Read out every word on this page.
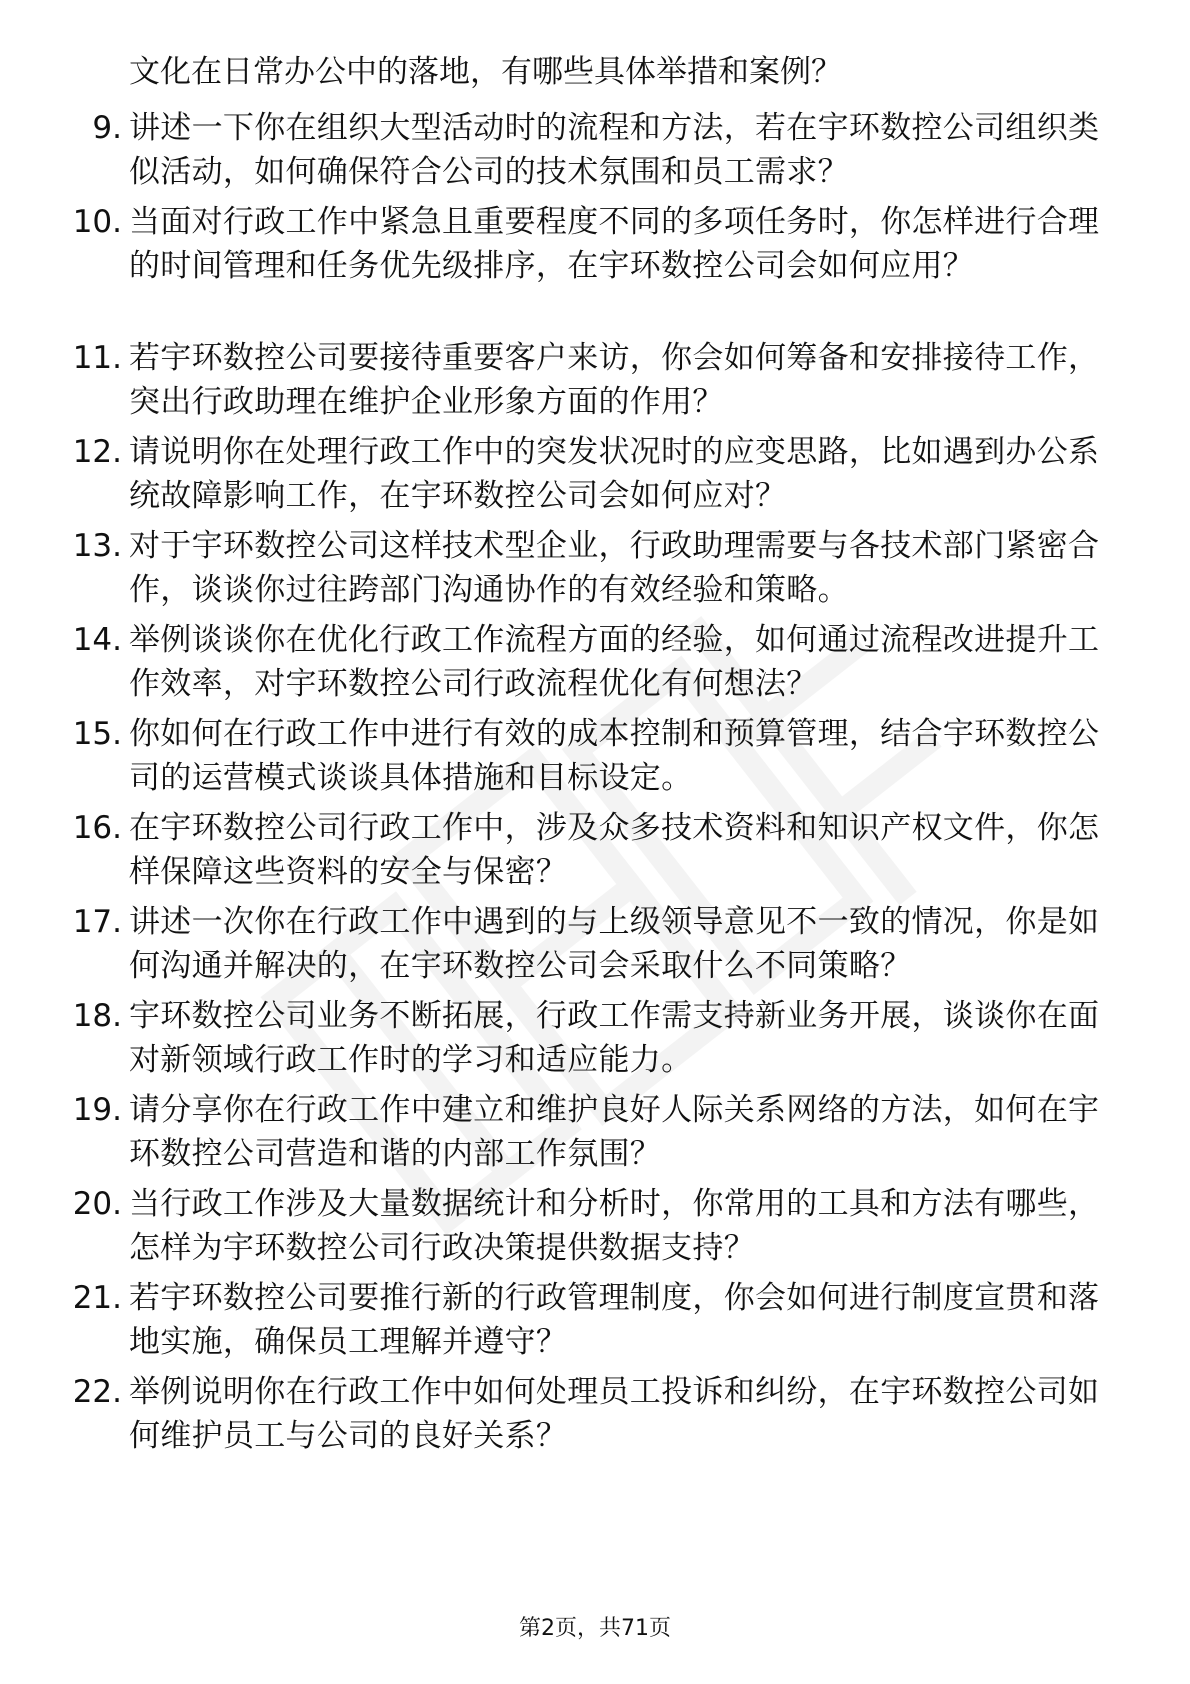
文化在日常办公中的落地，有哪些具体举措和案例？
9. 讲述一下你在组织大型活动时的流程和方法，若在宇环数控公司组织类似活动，如何确保符合公司的技术氛围和员工需求？
10. 当面对行政工作中紧急且重要程度不同的多项任务时，你怎样进行合理的时间管理和任务优先级排序，在宇环数控公司会如何应用？
11. 若宇环数控公司要接待重要客户来访，你会如何筹备和安排接待工作，突出行政助理在维护企业形象方面的作用？
12. 请说明你在处理行政工作中的突发状况时的应变思路，比如遇到办公系统故障影响工作，在宇环数控公司会如何应对？
13. 对于宇环数控公司这样技术型企业，行政助理需要与各技术部门紧密合作，谈谈你过往跨部门沟通协作的有效经验和策略。
14. 举例谈谈你在优化行政工作流程方面的经验，如何通过流程改进提升工作效率，对宇环数控公司行政流程优化有何想法？
15. 你如何在行政工作中进行有效的成本控制和预算管理，结合宇环数控公司的运营模式谈谈具体措施和目标设定。
16. 在宇环数控公司行政工作中，涉及众多技术资料和知识产权文件，你怎样保障这些资料的安全与保密？
17. 讲述一次你在行政工作中遇到的与上级领导意见不一致的情况，你是如何沟通并解决的，在宇环数控公司会采取什么不同策略？
18. 宇环数控公司业务不断拓展，行政工作需支持新业务开展，谈谈你在面对新领域行政工作时的学习和适应能力。
19. 请分享你在行政工作中建立和维护良好人际关系网络的方法，如何在宇环数控公司营造和谐的内部工作氛围？
20. 当行政工作涉及大量数据统计和分析时，你常用的工具和方法有哪些，怎样为宇环数控公司行政决策提供数据支持？
21. 若宇环数控公司要推行新的行政管理制度，你会如何进行制度宣贯和落地实施，确保员工理解并遵守？
22. 举例说明你在行政工作中如何处理员工投诉和纠纷，在宇环数控公司如何维护员工与公司的良好关系？
第2页，共71页
